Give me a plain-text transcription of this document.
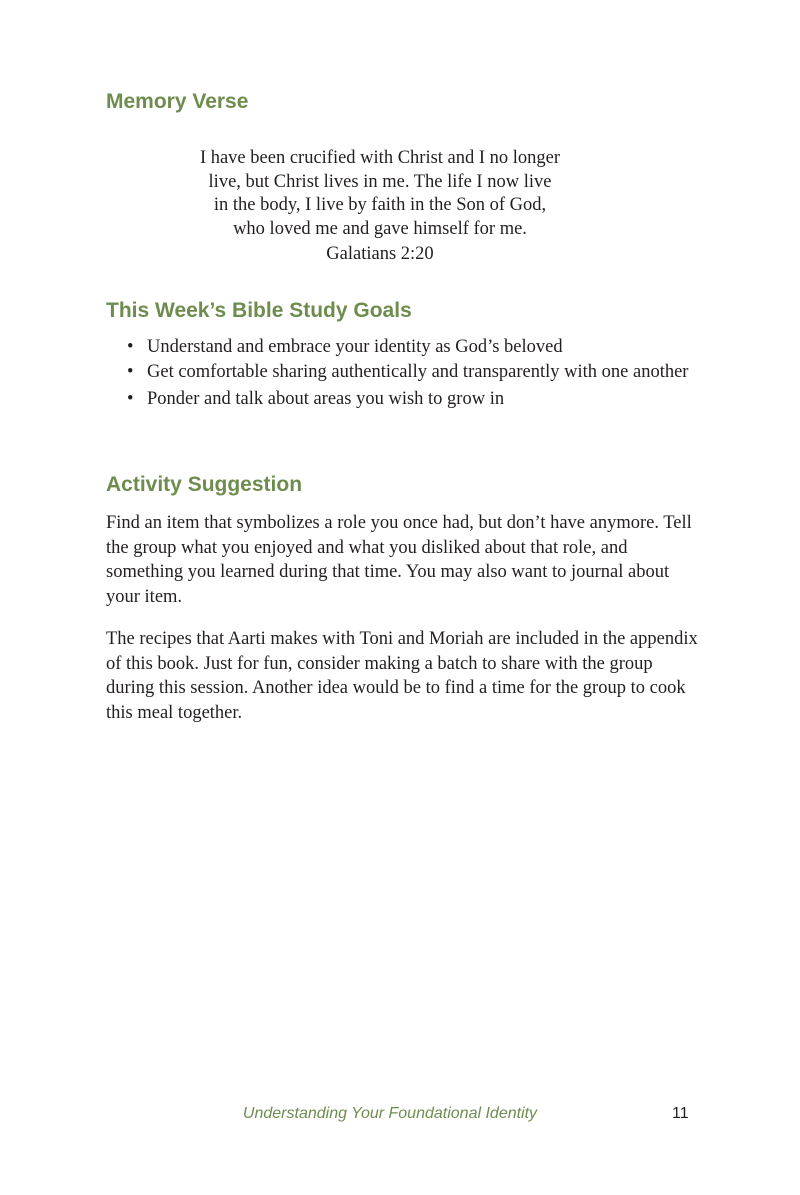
Memory Verse

I have been crucified with Christ and I no longer
live, but Christ lives in me. The life I now live
in the body, I live by faith in the Son of God,
who loved me and gave himself for me.

Galatians 2:20

This Week’s Bible Study Goals
• Understand and embrace your identity as God’s beloved
• Get comfortable sharing authentically and transparently with one another
• Ponder and talk about areas you wish to grow in
Activity Suggestion

Find an item that symbolizes a role you once had, but don’t have anymore. Tell the group what you enjoyed and what you disliked about that role, and something you learned during that time. You may also want to journal about your item.

The recipes that Aarti makes with Toni and Moriah are included in the appendix of this book. Just for fun, consider making a batch to share with the group during this session. Another idea would be to find a time for the group to cook this meal together.

Understanding Your Foundational Identity	11
